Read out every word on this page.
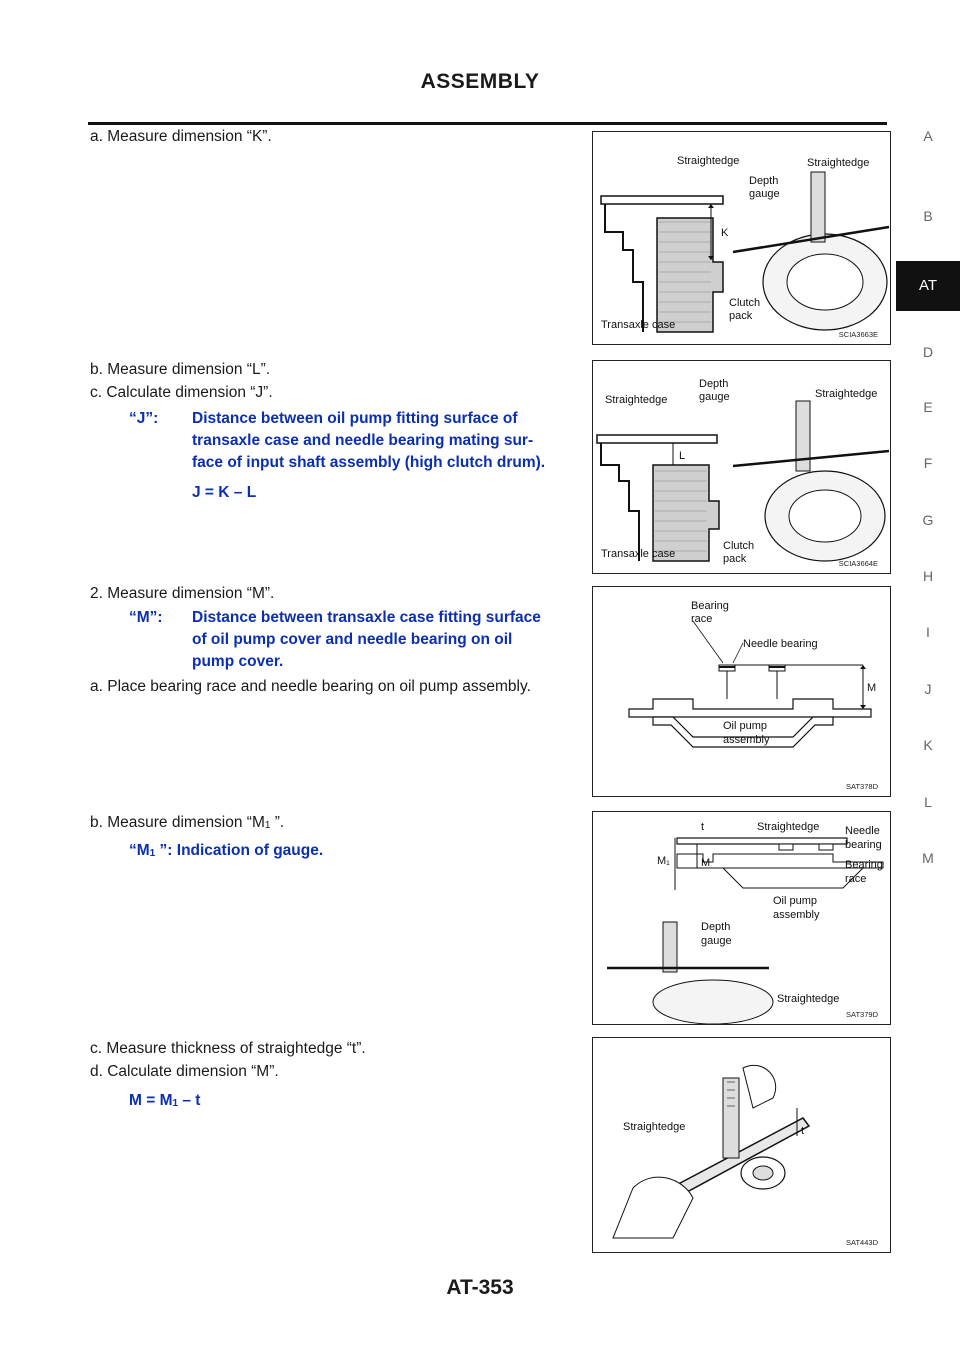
ASSEMBLY
a. Measure dimension “K”.
b. Measure dimension “L”.
c. Calculate dimension “J”.
“J”: Distance between oil pump fitting surface of
transaxle case and needle bearing mating sur-
face of input shaft assembly (high clutch drum).
J = K – L
2. Measure dimension “M”.
“M”: Distance between transaxle case fitting surface
of oil pump cover and needle bearing on oil
pump cover.
a. Place bearing race and needle bearing on oil pump assembly.
b. Measure dimension “M1 ”.
“M1 ”: Indication of gauge.
c. Measure thickness of straightedge “t”.
d. Calculate dimension “M”.
M = M1 – t
Straightedge	Straightedge
Depth
gauge
K
Clutch
pack
Transaxle case
SCIA3663E
Straightedge	Straightedge
Depth
gauge
L
Clutch
pack
Transaxle case
SCIA3664E
Bearing
race
Needle bearing
M
Oil pump
assembly
SAT378D
t	Straightedge Needle
bearing
Bearing
race
M₁	M
Oil pump
assembly
Depth
gauge
Straightedge
SAT379D
Straightedge	t
SAT443D
A
B
AT
D
E
F
G
H
I
J
K
L
M
AT-353
